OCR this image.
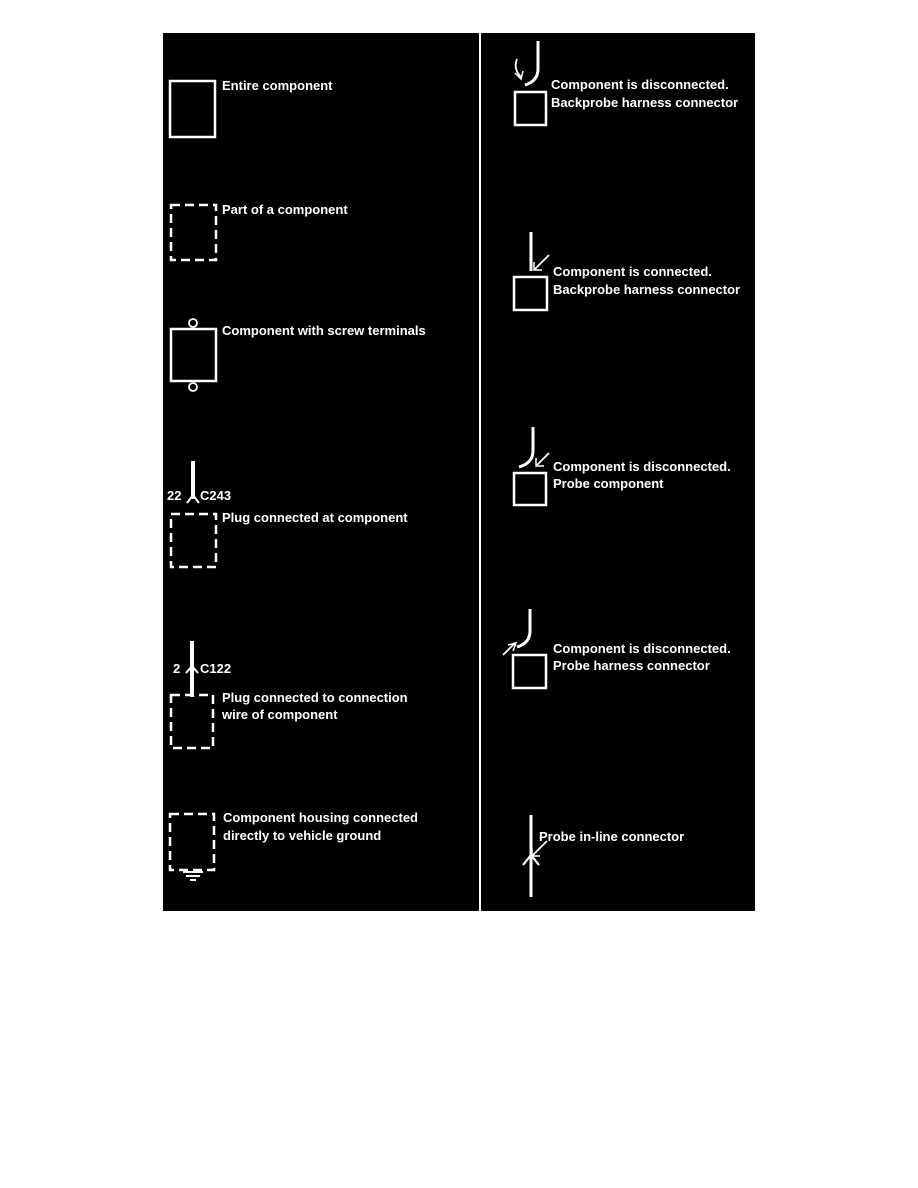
Entire component
Part of a component
Component with screw terminals
22 C243
Plug connected at component
2 C122
Plug connected to connection
wire of component
Component housing connected
directly to vehicle ground
Component is disconnected.
Backprobe harness connector
Component is connected.
Backprobe harness connector
Component is disconnected.
Probe component
Component is disconnected.
Probe harness connector
Probe in-line connector
